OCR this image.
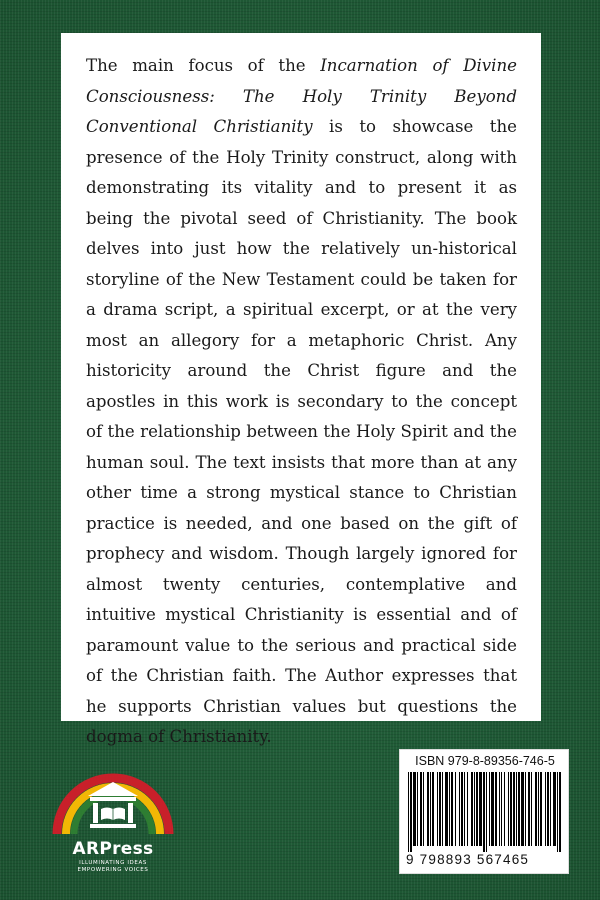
The main focus of the Incarnation of Divine Consciousness: The Holy Trinity Beyond Conventional Christianity is to showcase the presence of the Holy Trinity construct, along with demonstrating its vitality and to present it as being the pivotal seed of Christianity. The book delves into just how the relatively un-historical storyline of the New Testament could be taken for a drama script, a spiritual excerpt, or at the very most an allegory for a metaphoric Christ. Any historicity around the Christ figure and the apostles in this work is secondary to the concept of the relationship between the Holy Spirit and the human soul. The text insists that more than at any other time a strong mystical stance to Christian practice is needed, and one based on the gift of prophecy and wisdom. Though largely ignored for almost twenty centuries, contemplative and intuitive mystical Christianity is essential and of paramount value to the serious and practical side of the Christian faith. The Author expresses that he supports Christian values but questions the dogma of Christianity.

ARPress
ILLUMINATING IDEAS
EMPOWERING VOICES
ISBN 979-8-89356-746-5
9 798893 567465
